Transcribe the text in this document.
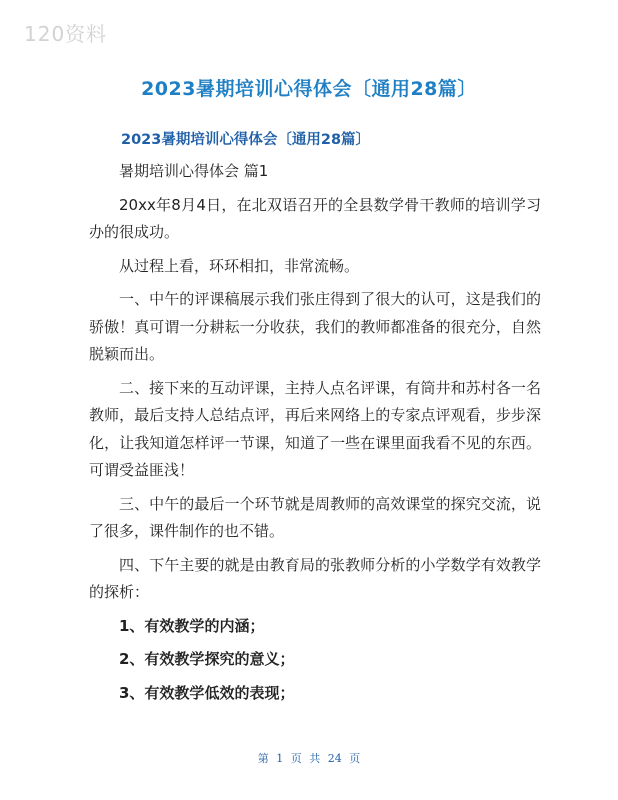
120资料
2023暑期培训心得体会〔通用28篇〕
2023暑期培训心得体会〔通用28篇〕

暑期培训心得体会 篇1

20xx年8月4日，在北双语召开的全县数学骨干教师的培训学习办的很成功。

从过程上看，环环相扣，非常流畅。

一、中午的评课稿展示我们张庄得到了很大的认可，这是我们的骄傲！真可谓一分耕耘一分收获，我们的教师都准备的很充分，自然脱颖而出。

二、接下来的互动评课，主持人点名评课，有筒井和苏村各一名教师，最后支持人总结点评，再后来网络上的专家点评观看，步步深化，让我知道怎样评一节课，知道了一些在课里面我看不见的东西。可谓受益匪浅！

三、中午的最后一个环节就是周教师的高效课堂的探究交流，说了很多，课件制作的也不错。

四、下午主要的就是由教育局的张教师分析的小学数学有效教学的探析：

1、有效教学的内涵；

2、有效教学探究的意义；

3、有效教学低效的表现；

第 1 页 共 24 页
